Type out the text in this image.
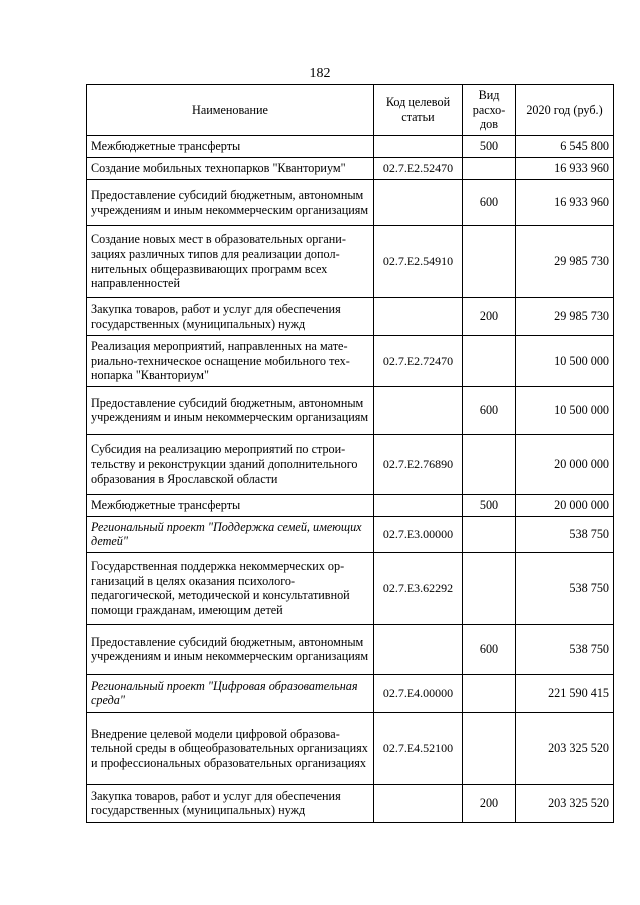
182
Наименование	Код целевой статьи	Вид расхо-дов	2020 год (руб.)
Межбюджетные трансферты		500	6 545 800
Создание мобильных технопарков "Кванториум"	02.7.E2.52470		16 933 960
Предоставление субсидий бюджетным, автономным учреждениям и иным некоммерческим организациям		600	16 933 960
Создание новых мест в образовательных организациях различных типов для реализации дополнительных общеразвивающих программ всех направленностей	02.7.E2.54910		29 985 730
Закупка товаров, работ и услуг для обеспечения государственных (муниципальных) нужд		200	29 985 730
Реализация мероприятий, направленных на материально-техническое оснащение мобильного технопарка "Кванториум"	02.7.E2.72470		10 500 000
Предоставление субсидий бюджетным, автономным учреждениям и иным некоммерческим организациям		600	10 500 000
Субсидия на реализацию мероприятий по строительству и реконструкции зданий дополнительного образования в Ярославской области	02.7.E2.76890		20 000 000
Межбюджетные трансферты		500	20 000 000
Региональный проект "Поддержка семей, имеющих детей"	02.7.E3.00000		538 750
Государственная поддержка некоммерческих организаций в целях оказания психолого-педагогической, методической и консультативной помощи гражданам, имеющим детей	02.7.E3.62292		538 750
Предоставление субсидий бюджетным, автономным учреждениям и иным некоммерческим организациям		600	538 750
Региональный проект "Цифровая образовательная среда"	02.7.E4.00000		221 590 415
Внедрение целевой модели цифровой образовательной среды в общеобразовательных организациях и профессиональных образовательных организациях	02.7.E4.52100		203 325 520
Закупка товаров, работ и услуг для обеспечения государственных (муниципальных) нужд		200	203 325 520
